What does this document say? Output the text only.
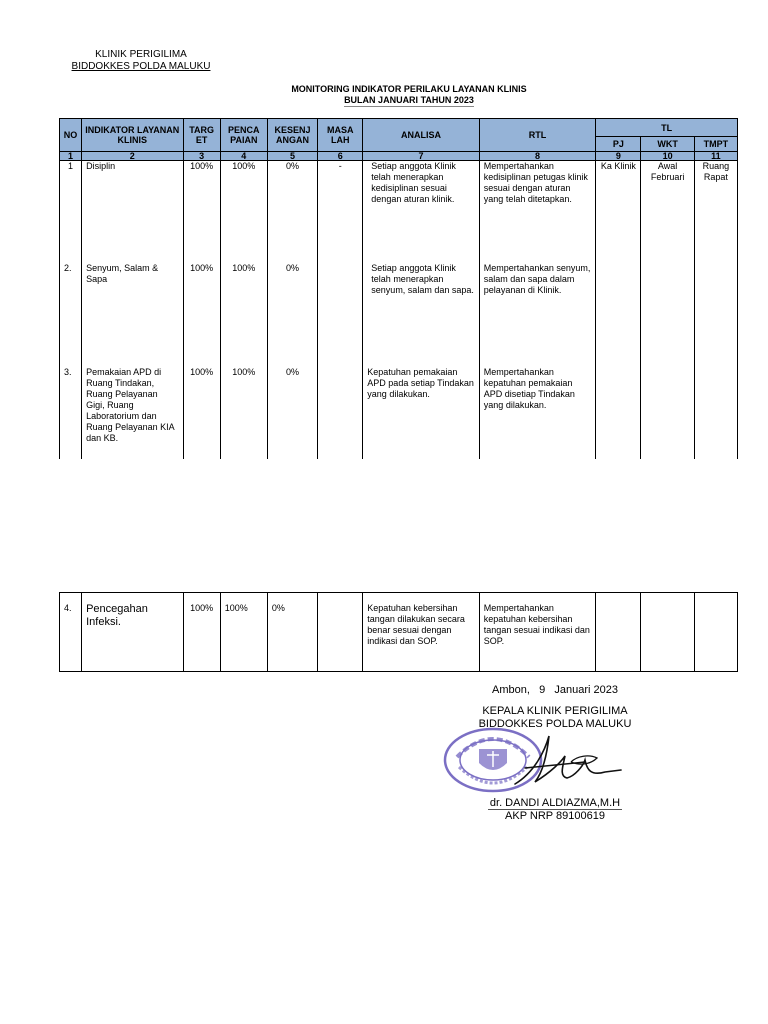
KLINIK PERIGILIMA
BIDDOKKES POLDA MALUKU
MONITORING INDIKATOR PERILAKU LAYANAN KLINIS
BULAN JANUARI TAHUN 2023
NO	INDIKATOR LAYANAN KLINIS	TARG ET	PENCA PAIAN	KESENJ ANGAN	MASA LAH	ANALISA	RTL	TL		
								PJ	WKT	TMPT
1	2	3	4	5	6	7	8	9	10	11
1	Disiplin	100%	100%	0%	-	Setiap anggota Klinik telah menerapkan kedisiplinan sesuai dengan aturan klinik.	Mempertahankan kedisiplinan petugas klinik sesuai dengan aturan yang telah ditetapkan.	Ka Klinik	Awal Februari	Ruang Rapat
2.	Senyum, Salam & Sapa	100%	100%	0%		Setiap anggota Klinik telah menerapkan senyum, salam dan sapa.	Mempertahankan senyum, salam dan sapa dalam pelayanan di Klinik.			
3.	Pemakaian APD di Ruang Tindakan, Ruang Pelayanan Gigi, Ruang Laboratorium dan Ruang Pelayanan KIA dan KB.	100%	100%	0%		Kepatuhan pemakaian APD pada setiap Tindakan yang dilakukan.	Mempertahankan kepatuhan pemakaian APD disetiap Tindakan yang dilakukan.			
4.	Pencegahan Infeksi.	100%	100%	0%		Kepatuhan kebersihan tangan dilakukan secara benar sesuai dengan indikasi dan SOP.	Mempertahankan kepatuhan kebersihan tangan sesuai indikasi dan SOP.			
Ambon,   9   Januari 2023
KEPALA KLINIK PERIGILIMA
BIDDOKKES POLDA MALUKU
dr. DANDI ALDIAZMA,M.H
AKP NRP 89100619
